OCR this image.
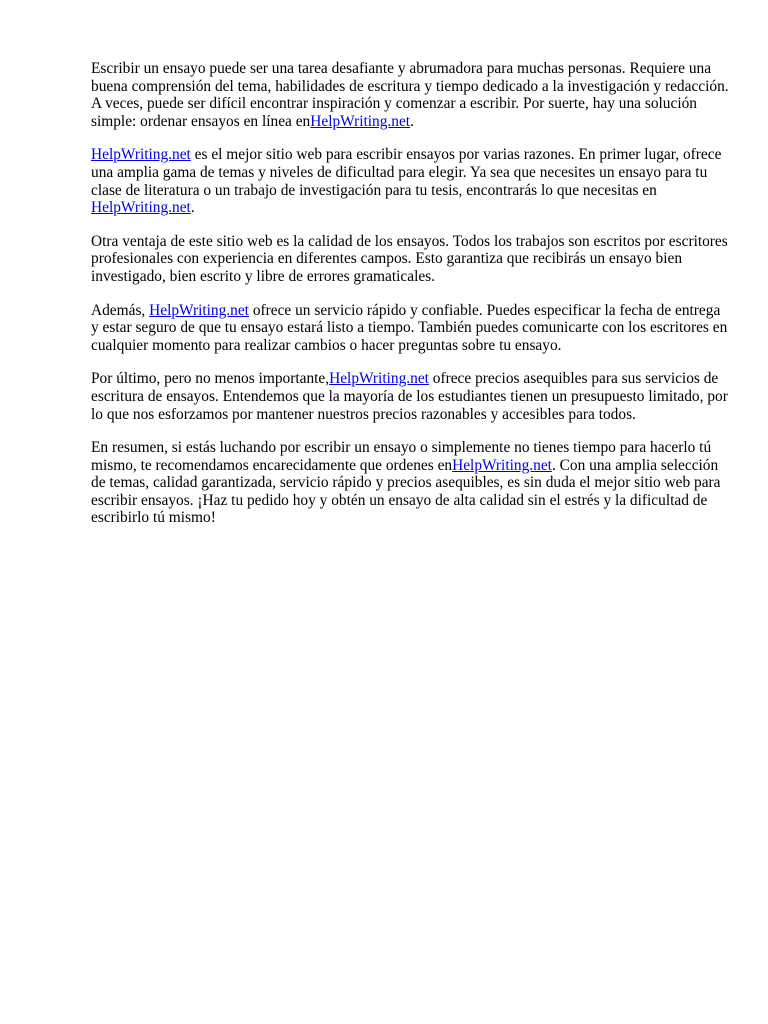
Escribir un ensayo puede ser una tarea desafiante y abrumadora para muchas personas. Requiere una buena comprensión del tema, habilidades de escritura y tiempo dedicado a la investigación y redacción. A veces, puede ser difícil encontrar inspiración y comenzar a escribir. Por suerte, hay una solución simple: ordenar ensayos en línea enHelpWriting.net.

HelpWriting.net es el mejor sitio web para escribir ensayos por varias razones. En primer lugar, ofrece una amplia gama de temas y niveles de dificultad para elegir. Ya sea que necesites un ensayo para tu clase de literatura o un trabajo de investigación para tu tesis, encontrarás lo que necesitas en HelpWriting.net.

Otra ventaja de este sitio web es la calidad de los ensayos. Todos los trabajos son escritos por escritores profesionales con experiencia en diferentes campos. Esto garantiza que recibirás un ensayo bien investigado, bien escrito y libre de errores gramaticales.

Además, HelpWriting.net ofrece un servicio rápido y confiable. Puedes especificar la fecha de entrega y estar seguro de que tu ensayo estará listo a tiempo. También puedes comunicarte con los escritores en cualquier momento para realizar cambios o hacer preguntas sobre tu ensayo.

Por último, pero no menos importante,HelpWriting.net ofrece precios asequibles para sus servicios de escritura de ensayos. Entendemos que la mayoría de los estudiantes tienen un presupuesto limitado, por lo que nos esforzamos por mantener nuestros precios razonables y accesibles para todos.

En resumen, si estás luchando por escribir un ensayo o simplemente no tienes tiempo para hacerlo tú mismo, te recomendamos encarecidamente que ordenes enHelpWriting.net. Con una amplia selección de temas, calidad garantizada, servicio rápido y precios asequibles, es sin duda el mejor sitio web para escribir ensayos. ¡Haz tu pedido hoy y obtén un ensayo de alta calidad sin el estrés y la dificultad de escribirlo tú mismo!
